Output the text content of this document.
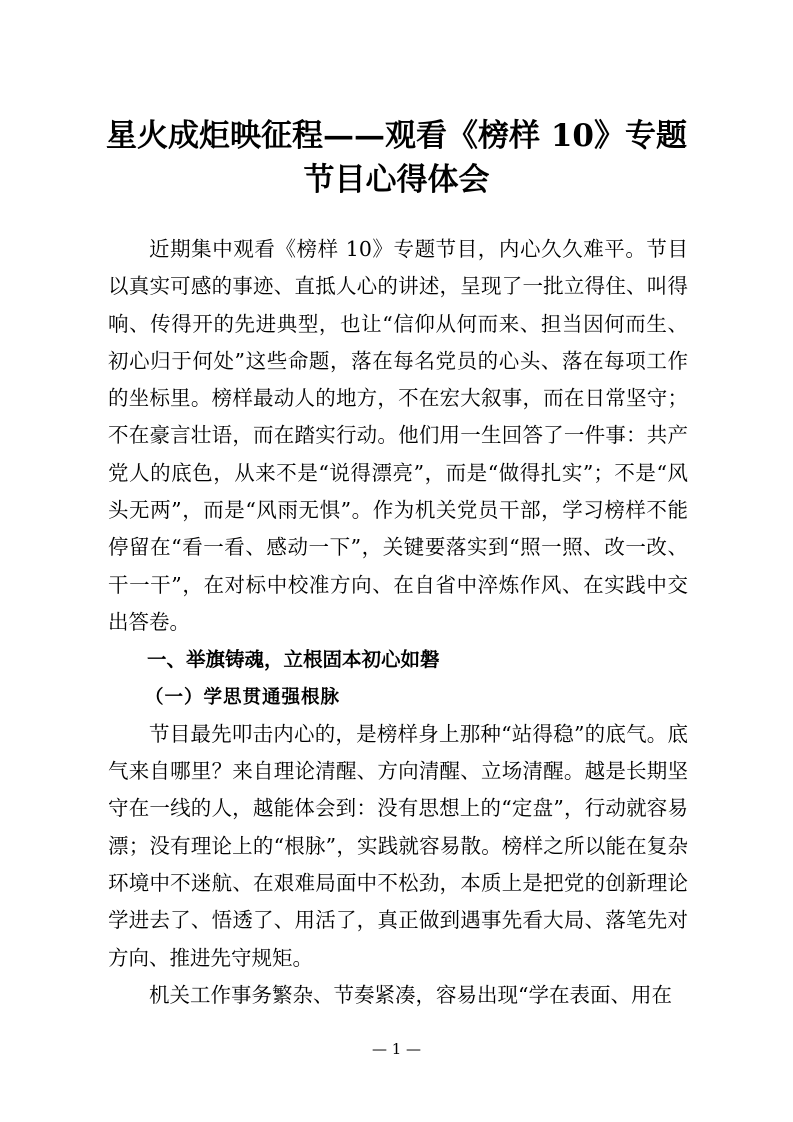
星火成炬映征程——观看《榜样 10》专题
节目心得体会

近期集中观看《榜样 10》专题节目，内心久久难平。节目以真实可感的事迹、直抵人心的讲述，呈现了一批立得住、叫得响、传得开的先进典型，也让“信仰从何而来、担当因何而生、初心归于何处”这些命题，落在每名党员的心头、落在每项工作的坐标里。榜样最动人的地方，不在宏大叙事，而在日常坚守；不在豪言壮语，而在踏实行动。他们用一生回答了一件事：共产党人的底色，从来不是“说得漂亮”，而是“做得扎实”；不是“风头无两”，而是“风雨无惧”。作为机关党员干部，学习榜样不能停留在“看一看、感动一下”，关键要落实到“照一照、改一改、干一干”，在对标中校准方向、在自省中淬炼作风、在实践中交出答卷。

一、举旗铸魂，立根固本初心如磐

（一）学思贯通强根脉

节目最先叩击内心的，是榜样身上那种“站得稳”的底气。底气来自哪里？来自理论清醒、方向清醒、立场清醒。越是长期坚守在一线的人，越能体会到：没有思想上的“定盘”，行动就容易漂；没有理论上的“根脉”，实践就容易散。榜样之所以能在复杂环境中不迷航、在艰难局面中不松劲，本质上是把党的创新理论学进去了、悟透了、用活了，真正做到遇事先看大局、落笔先对方向、推进先守规矩。

机关工作事务繁杂、节奏紧凑，容易出现“学在表面、用在

— 1 —
